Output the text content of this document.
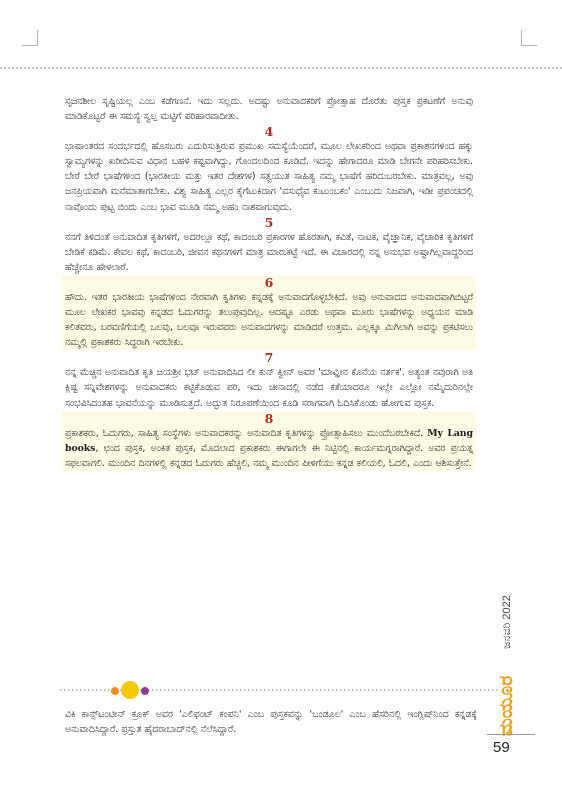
ಸೃಜನಶೀಲ ಸೃಷ್ಟಿಯಲ್ಲ ಎಂಬ ಕಡೆಗಣನೆ. ಇದು ಸಲ್ಲದು. ಅದಷ್ಟು ಅನುವಾದಕರಿಗೆ ಪ್ರೋತ್ಸಾಹ ದೊರೆತು ಪುಸ್ತಕ ಪ್ರಕಟಣೆಗೆ ಅನುವು ಮಾಡಿಕೊಟ್ಟರೆ ಈ ಸಮಸ್ಯೆ ಸ್ವಲ್ಪ ಮಟ್ಟಿಗೆ ಪರಿಹಾರವಾದೀತು.

4

ಭಾಷಾಂತರದ ಸಂದರ್ಭದಲ್ಲಿ ಹೊಸಬರು ಎದುರಿಸುತ್ತಿರುವ ಪ್ರಮುಖ ಸಮಸ್ಯೆಯೆಂದರೆ, ಮೂಲ ಲೇಖಕರಿಂದ ಅಥವಾ ಪ್ರಕಾಶನಗಳಿಂದ ಹಕ್ಕು ಸ್ವಾಮ್ಯಗಳನ್ನು ಖರೀದಿಸುವ ವಿಧಾನ ಬಹಳ ಕಷ್ಟವಾಗಿದ್ದು, ಗೊಂದಲದಿಂದ ಕೂಡಿದೆ. ಇದನ್ನು ಹೇಗಾದರೂ ಮಾಡಿ ಬೇಗನೇ ಪರಿಹರಿಸಬೇಕು. ಬೇರೆ ಬೇರೆ ಭಾಷೆಗಳಿಂದ (ಭಾರತೀಯ ಮತ್ತು ಇತರ ದೇಶಗಳ) ಸತ್ವಯುತ ಸಾಹಿತ್ಯ ನಮ್ಮ ಭಾಷೆಗೆ ಹರಿದುಬರಬೇಕು. ಮಾತ್ರವಲ್ಲ, ಅವು ಜನಪ್ರಿಯವಾಗಿ ಮನೆಮಾತಾಗಬೇಕು. ವಿಶ್ವ ಸಾಹಿತ್ಯ ಎಲ್ಲರ ಕೈಗೆಟುಕಿದಾಗ 'ವಸುಧೈವ ಕುಟುಂಬಕಂ' ಎಂಬುದು ನಿಜವಾಗಿ, ಇಡೀ ಪ್ರಪಂಚದಲ್ಲಿ ನಾವೊಂದು ಪುಟ್ಟ ಬಿಂದು ಎಂಬ ಭಾವ ಮೂಡಿ ನಮ್ಮ ಅಹಂ ನಾಶವಾಗುವುದು.

5

ನನಗೆ ತಿಳಿದಂತೆ ಅನುವಾದಿತ ಕೃತಿಗಳಿಗೆ, ಅದರಲ್ಲೂ ಕಥೆ, ಕಾದಂಬರಿ ಪ್ರಕಾರಗಳ ಹೊರತಾಗಿ, ಕವಿತೆ, ನಾಟಕ, ವೈಜ್ಞಾನಿಕ, ವೈಚಾರಿಕ ಕೃತಿಗಳಿಗೆ ಬೇಡಿಕೆ ಕಡಿಮೆ. ಕೇವಲ ಕಥೆ, ಕಾದಂಬರಿ, ಜೀವನ ಕಥನಗಳಿಗೆ ಮಾತ್ರ ಮಾರುಕಟ್ಟೆ ಇದೆ. ಈ ವಿಚಾರದಲ್ಲಿ ನನ್ನ ಅನುಭವ ಅಷ್ಟಾಗಿಲ್ಲವಾದ್ದರಿಂದ ಹೆಚ್ಚೇನೂ ಹೇಳಲಾರೆ.

6

ಹೌದು. ಇತರ ಭಾರತೀಯ ಭಾಷೆಗಳಿಂದ ನೇರವಾಗಿ ಕೃತಿಗಳು ಕನ್ನಡಕ್ಕೆ ಅನುವಾದಗೊಳ್ಳಬೇಕಿದೆ. ಅವು ಅನುವಾದದ ಅನುವಾದವಾಗಿಬಿಟ್ಟರೆ ಮೂಲ ಲೇಖಕರ ಭಾವವು ಕನ್ನಡದ ಓದುಗರನ್ನು ತಲುಪುವುದಿಲ್ಲ. ಆದಷ್ಟೂ ಎರಡು ಅಥವಾ ಮೂರು ಭಾಷೆಗಳನ್ನು ಅಧ್ಯಯನ ಮಾಡಿ ಕಲಿತವರು, ಬರವಣಿಗೆಯಲ್ಲಿ ಒಲವು, ಬಲವೂ ಇರುವವರು ಅನುವಾದಗಳನ್ನು ಮಾಡಿದರೆ ಉತ್ತಮ. ಎಲ್ಲಕ್ಕೂ ಮಿಗಿಲಾಗಿ ಅವನ್ನು ಪ್ರಕಟಿಸಲು ನಮ್ಮಲ್ಲಿ ಪ್ರಕಾಶಕರು ಸಿದ್ಧರಾಗಿ ಇರಬೇಕು.

7

ನನ್ನ ಮೆಚ್ಚಿನ ಅನುವಾದಿತ ಕೃತಿ ಜಯಶ್ರೀ ಭಟ್ ಅನುವಾದಿಸಿದ ಲೀ ಕುನ್ ಕ್ವೀನ್ ಅವರ 'ಮಾವ್ಞೀನ ಕೊನೆಯ ನರ್ತಕ'. ಅತ್ಯಂತ ನವುರಾಗಿ ಅತಿ ಕ್ಲಿಷ್ಟ ಸನ್ನಿವೇಶಗಳನ್ನು ಅನುವಾದಕರು ಕಟ್ಟಿಕೊಡುವ ಪರಿ, ಇದು ಚೀನಾದಲ್ಲಿ ನಡೆದ ಕತೆಯಾದರೂ ಇಲ್ಲೇ ಎಲ್ಲೋ ನಮ್ಮೆದುರಿನಲ್ಲೇ ಸಂಭವಿಸಿದಂತಹ ಭಾವನೆಯನ್ನು ಮೂಡಿಸುತ್ತದೆ. ಅದ್ಭುತ ನಿರೂಪಣೆಯಿಂದ ಕೂಡಿ ಸರಾಗವಾಗಿ ಓದಿಸಿಕೊಂಡು ಹೋಗುವ ಪುಸ್ತಕ.

8

ಪ್ರಕಾಶಕರು, ಓದುಗರು, ಸಾಹಿತ್ಯ ಸಂಸ್ಥೆಗಳು ಅನುವಾದಕರನ್ನು ಅನುವಾದಿತ ಕೃತಿಗಳನ್ನು ಪ್ರೋತ್ಸಾಹಿಸಲು ಮುಂದೆಬರಬೇಕಿದೆ. My Lang books, ಛಂದ ಪುಸ್ತಕ, ಅಂಕಿತ ಪುಸ್ತಕ, ಮೊದಲಾದ ಪ್ರಕಾಶಕರು ಈಗಾಗಲೇ ಈ ನಿಟ್ಟಿನಲ್ಲಿ ಕಾರ್ಯಮಗ್ನರಾಗಿದ್ದಾರೆ. ಅವರ ಪ್ರಯತ್ನ ಸಫಲವಾಗಲಿ. ಮುಂದಿನ ದಿನಗಳಲ್ಲಿ ಕನ್ನಡದ ಓದುಗರು ಹೆಚ್ಚಲಿ, ನಮ್ಮ ಮುಂದಿನ ಪೀಳಿಗೆಯು ಕನ್ನಡ ಕಲಿಯಲಿ, ಓದಲಿ, ಎಂದು ಆಶಿಸುತ್ತೇನೆ.

ವಿಕಿ ಕಾನ್ಸ್‌ಟಂಟೀನ್ ಕ್ರೂಕ್ ಅವರ 'ಎಲಿಫಂಟ್ ಕಂಪನಿ' ಎಂಬ ಪುಸ್ತಕವನ್ನು 'ಬಂಡೂಲ' ಎಂಬ ಹೆಸರಿನಲ್ಲಿ ಇಂಗ್ಲಿಷ್‌ನಿಂದ ಕನ್ನಡಕ್ಕೆ ಅನುವಾದಿಸಿದ್ದಾರೆ. ಪ್ರಸ್ತುತ ಹೈದರಾಬಾದ್‌ನಲ್ಲಿ ನೆಲೆಸಿದ್ದಾರೆ.

ಜನವರಿ 2022
ಮಯೂರ
59
